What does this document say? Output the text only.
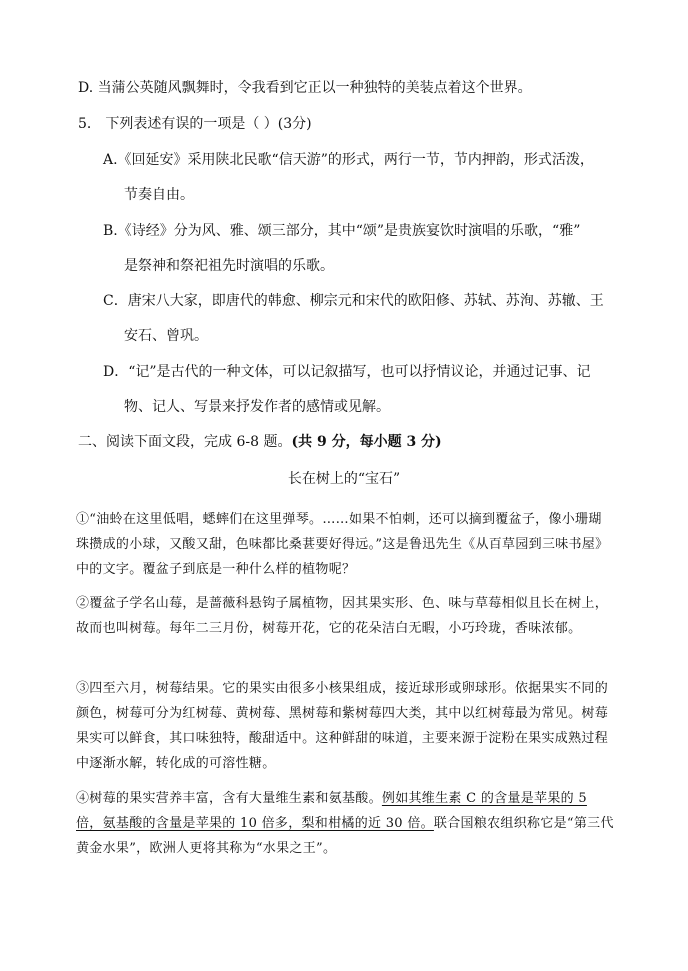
D. 当蒲公英随风飘舞时，令我看到它正以一种独特的美装点着这个世界。
5． 下列表述有误的一项是（ ）(3分)
A.《回延安》采用陕北民歌“信天游”的形式，两行一节，节内押韵，形式活泼，
节奏自由。
B.《诗经》分为风、雅、颂三部分，其中“颂”是贵族宴饮时演唱的乐歌，“雅”
是祭神和祭祀祖先时演唱的乐歌。
C．唐宋八大家，即唐代的韩愈、柳宗元和宋代的欧阳修、苏轼、苏洵、苏辙、王
安石、曾巩。
D．“记”是古代的一种文体，可以记叙描写，也可以抒情议论，并通过记事、记
物、记人、写景来抒发作者的感情或见解。
二、阅读下面文段，完成 6-8 题。(共 9 分，每小题 3 分)
长在树上的“宝石”
①“油蛉在这里低唱，蟋蟀们在这里弹琴。……如果不怕刺，还可以摘到覆盆子，像小珊瑚珠攒成的小球，又酸又甜，色味都比桑葚要好得远。”这是鲁迅先生《从百草园到三味书屋》中的文字。覆盆子到底是一种什么样的植物呢？
②覆盆子学名山莓，是蔷薇科悬钩子属植物，因其果实形、色、味与草莓相似且长在树上，故而也叫树莓。每年二三月份，树莓开花，它的花朵洁白无暇，小巧玲珑，香味浓郁。
③四至六月，树莓结果。它的果实由很多小核果组成，接近球形或卵球形。依据果实不同的颜色，树莓可分为红树莓、黄树莓、黑树莓和紫树莓四大类，其中以红树莓最为常见。树莓果实可以鲜食，其口味独特，酸甜适中。这种鲜甜的味道，主要来源于淀粉在果实成熟过程中逐渐水解，转化成的可溶性糖。
④树莓的果实营养丰富，含有大量维生素和氨基酸。例如其维生素 C 的含量是苹果的 5 倍，氨基酸的含量是苹果的 10 倍多，梨和柑橘的近 30 倍。联合国粮农组织称它是“第三代黄金水果”，欧洲人更将其称为“水果之王”。
